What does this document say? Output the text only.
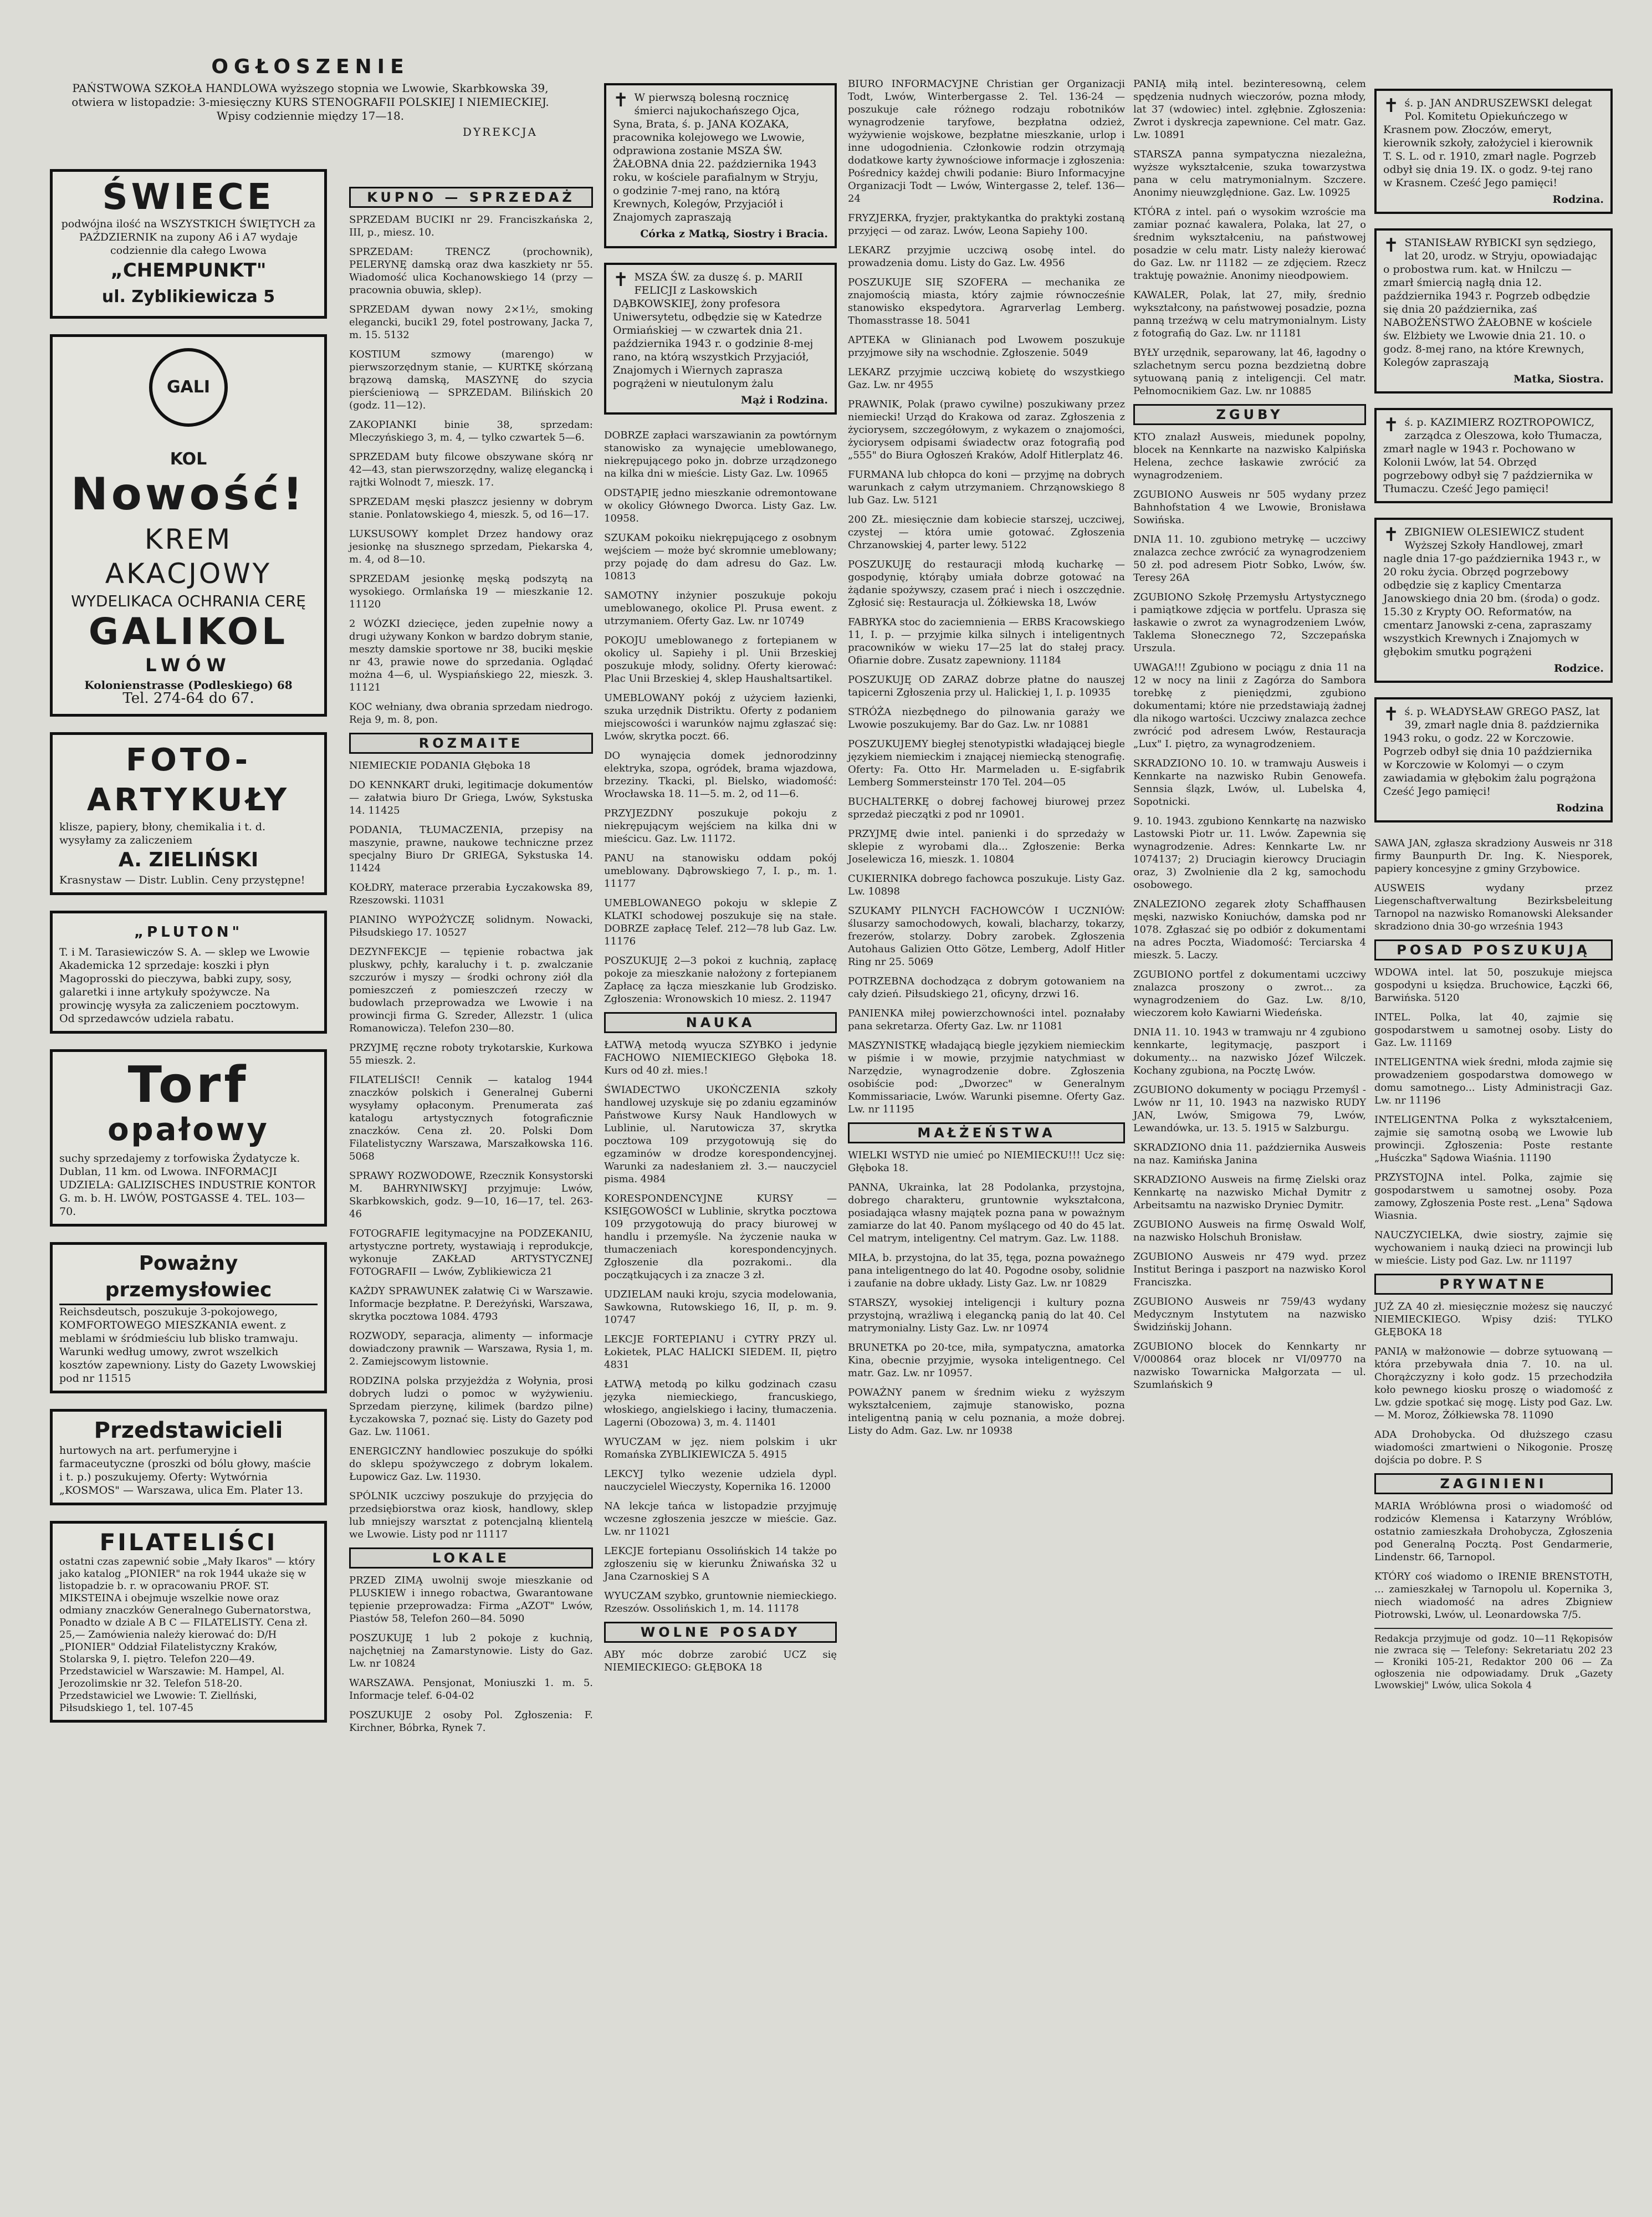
OGŁOSZENIE

PAŃSTWOWA SZKOŁA HANDLOWA wyższego stopnia we Lwowie, Skarbkowska 39, otwiera w listopadzie: 3-miesięczny KURS STENOGRAFII POLSKIEJ I NIEMIECKIEJ. Wpisy codziennie między 17—18.

DYREKCJA
ŚWIECE
podwójna ilość na WSZYSTKICH ŚWIĘTYCH za PAŹDZIERNIK na zupony A6 i A7 wydaje codziennie dla całego Lwowa
„CHEMPUNKT"
ul. Zyblikiewicza 5
GALI KOL
Nowość!
KREM AKACJOWY
WYDELIKACA OCHRANIA CERĘ
GALIKOL
LWÓW
Kolonienstrasse (Podleskiego) 68
Tel. 274-64 do 67.
FOTO-ARTYKUŁY
klisze, papiery, błony, chemikalia i t. d. wysyłamy za zaliczeniem
A. ZIELIŃSKI
Krasnystaw — Distr. Lublin. Ceny przystępne!
„PLUTON"
T. i M. Tarasiewiczów S. A. — sklep we Lwowie Akademicka 12 sprzedaje: koszki i płyn Magoprosski do pieczywa, babki zupy, sosy, galaretki i inne artykuły spożywcze. Na prowincję wysyła za zaliczeniem pocztowym. Od sprzedawców udziela rabatu.
Torf
opałowy
suchy sprzedajemy z torfowiska Żydatycze k. Dublan, 11 km. od Lwowa. INFORMACJI UDZIELA: GALIZISCHES INDUSTRIE KONTOR G. m. b. H. LWÓW, POSTGASSE 4. TEL. 103—70.
Poważny przemysłowiec
Reichsdeutsch, poszukuje 3-pokojowego, KOMFORTOWEGO MIESZKANIA ewent. z meblami w śródmieściu lub blisko tramwaju. Warunki według umowy, zwrot wszelkich kosztów zapewniony. Listy do Gazety Lwowskiej pod nr 11515
Przedstawicieli
hurtowych na art. perfumeryjne i farmaceutyczne (proszki od bólu głowy, maście i t. p.) poszukujemy. Oferty: Wytwórnia „KOSMOS" — Warszawa, ulica Em. Plater 13.
FILATELIŚCI
ostatni czas zapewnić sobie „Mały Ikaros" — który jako katalog „PIONIER" na rok 1944 ukaże się w listopadzie b. r. w opracowaniu PROF. ST. MIKSTEINA i obejmuje wszelkie nowe oraz odmiany znaczków Generalnego Gubernatorstwa, Ponadto w dziale A B C — FILATELISTY. Cena zł. 25,— Zamówienia należy kierować do: D/H „PIONIER" Oddział Filatelistyczny Kraków, Stolarska 9, I. piętro. Telefon 220—49. Przedstawiciel w Warszawie: M. Hampel, Al. Jerozolimskie nr 32. Telefon 518-20. Przedstawiciel we Lwowie: T. Ziellński, Piłsudskiego 1, tel. 107-45
KUPNO — SPRZEDAŻ

SPRZEDAM BUCIKI nr 29. Franciszkańska 2, III, p., miesz. 10.

SPRZEDAM: TRENCZ (prochownik), PELERYNĘ damską oraz dwa kaszkiety nr 55. Wiadomość ulica Kochanowskiego 14 (przy — pracownia obuwia, sklep).

SPRZEDAM dywan nowy 2×1½, smoking elegancki, bucik1 29, fotel postrowany, Jacka 7, m. 15. 5132

KOSTIUM szmowy (marengo) w pierwszorzędnym stanie, — KURTKĘ skórzaną brązową damską, MASZYNĘ do szycia pierścieniową — SPRZEDAM. Bilińskich 20 (godz. 11—12).

ZAKOPIANKI binie 38, sprzedam: Mleczyńskiego 3, m. 4, — tylko czwartek 5—6.

SPRZEDAM buty filcowe obszywane skórą nr 42—43, stan pierwszorzędny, walizę elegancką i rajtki Wolnodt 7, mieszk. 17.

SPRZEDAM męski płaszcz jesienny w dobrym stanie. Ponlatowskiego 4, mieszk. 5, od 16—17.

LUKSUSOWY komplet Drzez handowy oraz jesionkę na słusznego sprzedam, Piekarska 4, m. 4, od 8—10.

SPRZEDAM jesionkę męską podszytą na wysokiego. Ormlańska 19 — mieszkanie 12. 11120

2 WÓZKI dziecięce, jeden zupełnie nowy a drugi używany Konkon w bardzo dobrym stanie, meszty damskie sportowe nr 38, buciki męskie nr 43, prawie nowe do sprzedania. Oglądać można 4—6, ul. Wyspiańskiego 22, mieszk. 3. 11121

KOC wełniany, dwa obrania sprzedam niedrogo. Reja 9, m. 8, pon.

ROZMAITE

NIEMIECKIE PODANIA Głęboka 18

DO KENNKART druki, legitimacje dokumentów — załatwia biuro Dr Griega, Lwów, Sykstuska 14. 11425

PODANIA, TŁUMACZENIA, przepisy na maszynie, prawne, naukowe techniczne przez specjalny Biuro Dr GRIEGA, Sykstuska 14. 11424

KOŁDRY, materace przerabia Łyczakowska 89, Rzeszowski. 11031

PIANINO WYPOŻYCZĘ solidnym. Nowacki, Piłsudskiego 17. 10527

DEZYNFEKCJE — tępienie robactwa jak pluskwy, pchły, karaluchy i t. p. zwalczanie szczurów i myszy — środki ochrony ziół dla pomieszczeń z pomieszczeń rzeczy w budowlach przeprowadza we Lwowie i na prowincji firma G. Szreder, Allezstr. 1 (ulica Romanowicza). Telefon 230—80.

PRZYJMĘ ręczne roboty trykotarskie, Kurkowa 55 mieszk. 2.

FILATELIŚCI! Cennik — katalog 1944 znaczków polskich i Generalnej Guberni wysyłamy opłaconym. Prenumerata zaś katalogu artystycznych fotograficznie znaczków. Cena zł. 20. Polski Dom Filatelistyczny Warszawa, Marszałkowska 116. 5068

SPRAWY ROZWODOWE, Rzecznik Konsystorski M. BAHRYNIWSKYJ przyjmuje: Lwów, Skarbkowskich, godz. 9—10, 16—17, tel. 263-46

FOTOGRAFIE legitymacyjne na PODZEKANIU, artystyczne portrety, wystawiają i reprodukcje, wykonuje ZAKŁAD ARTYSTYCZNEJ FOTOGRAFII — Lwów, Zyblikiewicza 21

KAŻDY SPRAWUNEK załatwię Ci w Warszawie. Informacje bezpłatne. P. Dereżyński, Warszawa, skrytka pocztowa 1084. 4793

ROZWODY, separacja, alimenty — informacje dowiadczony prawnik — Warszawa, Rysia 1, m. 2. Zamiejscowym listownie.

RODZINA polska przyjeżdża z Wołynia, prosi dobrych ludzi o pomoc w wyżywieniu. Sprzedam pierzynę, kilimek (bardzo pilne) Łyczakowska 7, poznać się. Listy do Gazety pod Gaz. Lw. 11061.

ENERGICZNY handlowiec poszukuje do spółki do sklepu spożywczego z dobrym lokalem. Łupowicz Gaz. Lw. 11930.

SPÓLNIK uczciwy poszukuje do przyjęcia do przedsiębiorstwa oraz kiosk, handlowy, sklep lub mniejszy warsztat z potencjalną klientelą we Lwowie. Listy pod nr 11117

LOKALE

PRZED ZIMĄ uwolnij swoje mieszkanie od PLUSKIEW i innego robactwa, Gwarantowane tępienie przeprowadza: Firma „AZOT" Lwów, Piastów 58, Telefon 260—84. 5090

POSZUKUJĘ 1 lub 2 pokoje z kuchnią, najchętniej na Zamarstynowie. Listy do Gaz. Lw. nr 10824

WARSZAWA. Pensjonat, Moniuszki 1. m. 5. Informacje telef. 6-04-02

POSZUKUJE 2 osoby Pol. Zgłoszenia: F. Kirchner, Bóbrka, Rynek 7.

✝ W pierwszą bolesną rocznicę śmierci najukochańszego Ojca, Syna, Brata, ś. p. JANA KOZAKA, pracownika kolejowego we Lwowie, odprawiona zostanie MSZA ŚW. ŻAŁOBNA dnia 22. października 1943 roku, w kościele parafialnym w Stryju, o godzinie 7-mej rano, na którą Krewnych, Kolegów, Przyjaciół i Znajomych zapraszają
Córka z Matką, Siostry i Bracia.
✝ MSZA ŚW. za duszę ś. p. MARII FELICJI z Laskowskich DĄBKOWSKIEJ, żony profesora Uniwersytetu, odbędzie się w Katedrze Ormiańskiej — w czwartek dnia 21. października 1943 r. o godzinie 8-mej rano, na którą wszystkich Przyjaciół, Znajomych i Wiernych zaprasza pogrążeni w nieutulonym żalu
Mąż i Rodzina.

DOBRZE zapłaci warszawianin za powtórnym stanowisko za wynajęcie umeblowanego, niekrępującego poko jn. dobrze urządzonego na kilka dni w mieście. Listy Gaz. Lw. 10965

ODSTĄPIĘ jedno mieszkanie odremontowane w okolicy Głównego Dworca. Listy Gaz. Lw. 10958.

SZUKAM pokoiku niekrępującego z osobnym wejściem — może być skromnie umeblowany; przy pojadę do dam adresu do Gaz. Lw. 10813

SAMOTNY inżynier poszukuje pokoju umeblowanego, okolice Pl. Prusa ewent. z utrzymaniem. Oferty Gaz. Lw. nr 10749

POKOJU umeblowanego z fortepianem w okolicy ul. Sapiehy i pl. Unii Brzeskiej poszukuje młody, solidny. Oferty kierować: Plac Unii Brzeskiej 4, sklep Haushaltsartikel.

UMEBLOWANY pokój z użyciem łazienki, szuka urzędnik Distriktu. Oferty z podaniem miejscowości i warunków najmu zgłaszać się: Lwów, skrytka poczt. 66.

DO wynajęcia domek jednorodzinny elektryka, szopa, ogródek, brama wjazdowa, brzeziny. Tkacki, pl. Bielsko, wiadomość: Wrocławska 18. 11—5. m. 2, od 11—6.

PRZYJEZDNY poszukuje pokoju z niekrępującym wejściem na kilka dni w mieścicu. Gaz. Lw. 11172.

PANU na stanowisku oddam pokój umeblowany. Dąbrowskiego 7, I. p., m. 1. 11177

UMEBLOWANEGO pokoju w sklepie Z KLATKI schodowej poszukuje się na stałe. DOBRZE zapłacę Telef. 212—78 lub Gaz. Lw. 11176

POSZUKUJĘ 2—3 pokoi z kuchnią, zapłacę pokoje za mieszkanie nałożony z fortepianem Zapłacę za łącza mieszkanie lub Grodzisko. Zgłoszenia: Wronowskich 10 miesz. 2. 11947

NAUKA

ŁATWĄ metodą wyucza SZYBKO i jedynie FACHOWO NIEMIECKIEGO Głęboka 18. Kurs od 40 zł. mies.!

ŚWIADECTWO UKOŃCZENIA szkoły handlowej uzyskuje się po zdaniu egzaminów Państwowe Kursy Nauk Handlowych w Lublinie, ul. Narutowicza 37, skrytka pocztowa 109 przygotowują się do egzaminów w drodze korespondencyjnej. Warunki za nadesłaniem zł. 3.— nauczyciel pisma. 4984

KORESPONDENCYJNE KURSY — KSIĘGOWOŚCI w Lublinie, skrytka pocztowa 109 przygotowują do pracy biurowej w handlu i przemyśle. Na życzenie nauka w tłumaczeniach korespondencyjnych. Zgłoszenie dla pozrakomi.. dla początkujących i za znacze 3 zł.

UDZIELAM nauki kroju, szycia modelowania, Sawkowna, Rutowskiego 16, II, p. m. 9. 10747

LEKCJE FORTEPIANU i CYTRY PRZY ul. Łokietek, PLAC HALICKI SIEDEM. II, piętro 4831

ŁATWĄ metodą po kilku godzinach czasu języka niemieckiego, francuskiego, włoskiego, angielskiego i łaciny, tłumaczenia. Lagerni (Obozowa) 3, m. 4. 11401

WYUCZAM w jęz. niem polskim i ukr Romańska ZYBLIKIEWICZA 5. 4915

LEKCYJ tylko wezenie udziela dypl. nauczycielel Wieczysty, Kopernika 16. 12000

NA lekcje tańca w listopadzie przyjmuję wczesne zgłoszenia jeszcze w mieście. Gaz. Lw. nr 11021

LEKCJE fortepianu Ossolińskich 14 także po zgłoszeniu się w kierunku Żniwańska 32 u Jana Czarnoskiej S A

WYUCZAM szybko, gruntownie niemieckiego. Rzeszów. Ossolińskich 1, m. 14. 11178

WOLNE POSADY

ABY móc dobrze zarobić UCZ się NIEMIECKIEGO: GŁĘBOKA 18

BIURO INFORMACYJNE Christian ger Organizacji Todt, Lwów, Winterbergasse 2. Tel. 136-24 — poszukuje całe różnego rodzaju robotników wynagrodzenie taryfowe, bezpłatna odzież, wyżywienie wojskowe, bezpłatne mieszkanie, urlop i inne udogodnienia. Członkowie rodzin otrzymają dodatkowe karty żywnościowe informacje i zgłoszenia: Pośrednicy każdej chwili podanie: Biuro Informacyjne Organizacji Todt — Lwów, Wintergasse 2, telef. 136—24

FRYZJERKA, fryzjer, praktykantka do praktyki zostaną przyjęci — od zaraz. Lwów, Leona Sapiehy 100.

LEKARZ przyjmie uczciwą osobę intel. do prowadzenia domu. Listy do Gaz. Lw. 4956

POSZUKUJE SIĘ SZOFERA — mechanika ze znajomością miasta, który zajmie równocześnie stanowisko ekspedytora. Agrarverlag Lemberg. Thomasstrasse 18. 5041

APTEKA w Glinianach pod Lwowem poszukuje przyjmowe siły na wschodnie. Zgłoszenie. 5049

LEKARZ przyjmie uczciwą kobietę do wszystkiego Gaz. Lw. nr 4955

PRAWNIK, Polak (prawo cywilne) poszukiwany przez niemiecki! Urząd do Krakowa od zaraz. Zgłoszenia z życiorysem, szczegółowym, z wykazem o znajomości, życiorysem odpisami świadectw oraz fotografią pod „555" do Biura Ogłoszeń Kraków, Adolf Hitlerplatz 46.

FURMANA lub chłopca do koni — przyjmę na dobrych warunkach z całym utrzymaniem. Chrząnowskiego 8 lub Gaz. Lw. 5121

200 ZŁ. miesięcznie dam kobiecie starszej, uczciwej, czystej — która umie gotować. Zgłoszenia Chrzanowskiej 4, parter lewy. 5122

POSZUKUJĘ do restauracji młodą kucharkę — gospodynię, którąby umiała dobrze gotować na żądanie spożywszy, czasem prać i niech i oszczędnie. Zgłosić się: Restauracja ul. Żółkiewska 18, Lwów

FABRYKA stoc do zaciemnienia — ERBS Kracowskiego 11, I. p. — przyjmie kilka silnych i inteligentnych pracowników w wieku 17—25 lat do stałej pracy. Ofiarnie dobre. Zusatz zapewniony. 11184

POSZUKUJĘ OD ZARAZ dobrze płatne do nauszej tapicerni Zgłoszenia przy ul. Halickiej 1, I. p. 10935

STRÓŻA niezbędnego do pilnowania garaży we Lwowie poszukujemy. Bar do Gaz. Lw. nr 10881

POSZUKUJEMY biegłej stenotypistki władającej biegle językiem niemieckim i znającej niemiecką stenografię. Oferty: Fa. Otto Hr. Marmeladen u. E-sigfabrik Lemberg Sommersteinstr 170 Tel. 204—05

BUCHALTERKĘ o dobrej fachowej biurowej przez sprzedaż pieczątki z pod nr 10901.

PRZYJMĘ dwie intel. panienki i do sprzedaży w sklepie z wyrobami dla... Zgłoszenie: Berka Joselewicza 16, mieszk. 1. 10804

CUKIERNIKA dobrego fachowca poszukuje. Listy Gaz. Lw. 10898

SZUKAMY PILNYCH FACHOWCÓW I UCZNIÓW: ślusarzy samochodowych, kowali, blacharzy, tokarzy, frezerów, stolarzy. Dobry zarobek. Zgłoszenia Autohaus Galizien Otto Götze, Lemberg, Adolf Hitler Ring nr 25. 5069

POTRZEBNA dochodząca z dobrym gotowaniem na cały dzień. Piłsudskiego 21, oficyny, drzwi 16.

PANIENKA miłej powierzchowności intel. poznałaby pana sekretarza. Oferty Gaz. Lw. nr 11081

MASZYNISTKĘ władającą biegle językiem niemieckim w piśmie i w mowie, przyjmie natychmiast w Narzędzie, wynagrodzenie dobre. Zgłoszenia osobiście pod: „Dworzec" w Generalnym Kommissariacie, Lwów. Warunki pisemne. Oferty Gaz. Lw. nr 11195

MAŁŻEŃSTWA

WIELKI WSTYD nie umieć po NIEMIECKU!!! Ucz się: Głęboka 18.

PANNA, Ukrainka, lat 28 Podolanka, przystojna, dobrego charakteru, gruntownie wykształcona, posiadająca własny majątek pozna pana w poważnym zamiarze do lat 40. Panom myślącego od 40 do 45 lat. Cel matrym, inteligentny. Cel matrym. Gaz. Lw. 1188.

MIŁA, b. przystojna, do lat 35, tęga, pozna poważnego pana inteligentnego do lat 40. Pogodne osoby, solidnie i zaufanie na dobre układy. Listy Gaz. Lw. nr 10829

STARSZY, wysokiej inteligencji i kultury pozna przystojną, wrażliwą i elegancką panią do lat 40. Cel matrymonialny. Listy Gaz. Lw. nr 10974

BRUNETKA po 20-tce, miła, sympatyczna, amatorka Kina, obecnie przyjmie, wysoka inteligentnego. Cel matr. Gaz. Lw. nr 10957.

POWAŻNY panem w średnim wieku z wyższym wykształceniem, zajmuje stanowisko, pozna inteligentną panią w celu poznania, a może dobrej. Listy do Adm. Gaz. Lw. nr 10938

PANIĄ miłą intel. bezinteresowną, celem spędzenia nudnych wieczorów, pozna młody, lat 37 (wdowiec) intel. zgłębnie. Zgłoszenia: Zwrot i dyskrecja zapewnione. Cel matr. Gaz. Lw. 10891

STARSZA panna sympatyczna niezależna, wyższe wykształcenie, szuka towarzystwa pana w celu matrymonialnym. Szczere. Anonimy nieuwzględnione. Gaz. Lw. 10925

KTÓRA z intel. pań o wysokim wzroście ma zamiar poznać kawalera, Polaka, lat 27, o średnim wykształceniu, na państwowej posadzie w celu matr. Listy należy kierować do Gaz. Lw. nr 11182 — ze zdjęciem. Rzecz traktuję poważnie. Anonimy nieodpowiem.

KAWALER, Polak, lat 27, miły, średnio wykształcony, na państwowej posadzie, pozna panną trzeźwą w celu matrymonialnym. Listy z fotografią do Gaz. Lw. nr 11181

BYŁY urzędnik, separowany, lat 46, łagodny o szlachetnym sercu pozna bezdzietną dobre sytuowaną panią z inteligencji. Cel matr. Pełnomocnikiem Gaz. Lw. nr 10885

ZGUBY

KTO znalazł Ausweis, miedunek popolny, blocek na Kennkarte na nazwisko Kalpińska Helena, zechce łaskawie zwrócić za wynagrodzeniem.

ZGUBIONO Ausweis nr 505 wydany przez Bahnhofstation 4 we Lwowie, Bronisława Sowińska.

DNIA 11. 10. zgubiono metrykę — uczciwy znalazca zechce zwrócić za wynagrodzeniem 50 zł. pod adresem Piotr Sobko, Lwów, św. Teresy 26A

ZGUBIONO Szkołę Przemysłu Artystycznego i pamiątkowe zdjęcia w portfelu. Uprasza się łaskawie o zwrot za wynagrodzeniem Lwów, Taklema Słonecznego 72, Szczepańska Urszula.

UWAGA!!! Zgubiono w pociągu z dnia 11 na 12 w nocy na linii z Zagórza do Sambora torebkę z pieniędzmi, zgubiono dokumentami; które nie przedstawiają żadnej dla nikogo wartości. Uczciwy znalazca zechce zwrócić pod adresem Lwów, Restauracja „Lux" I. piętro, za wynagrodzeniem.

SKRADZIONO 10. 10. w tramwaju Ausweis i Kennkarte na nazwisko Rubin Genowefa. Sennsia ślązk, Lwów, ul. Lubelska 4, Sopotnicki.

9. 10. 1943. zgubiono Kennkartę na nazwisko Lastowski Piotr ur. 11. Lwów. Zapewnia się wynagrodzenie. Adres: Kennkarte Lw. nr 1074137; 2) Druciagin kierowcy Druciagin oraz, 3) Zwolnienie dla 2 kg, samochodu osobowego.

ZNALEZIONO zegarek złoty Schaffhausen męski, nazwisko Koniuchów, damska pod nr 1078. Zgłaszać się po odbiór z dokumentami na adres Poczta, Wiadomość: Terciarska 4 mieszk. 5. Laczy.

ZGUBIONO portfel z dokumentami uczciwy znalazca proszony o zwrot... za wynagrodzeniem do Gaz. Lw. 8/10, wieczorem koło Kawiarni Wiedeńska.

DNIA 11. 10. 1943 w tramwaju nr 4 zgubiono kennkarte, legitymację, paszport i dokumenty... na nazwisko Józef Wilczek. Kochany zgubiona, na Pocztę Lwów.

ZGUBIONO dokumenty w pociągu Przemyśl - Lwów nr 11, 10. 1943 na nazwisko RUDY JAN, Lwów, Smigowa 79, Lwów, Lewandówka, ur. 13. 5. 1915 w Salzburgu.

SKRADZIONO dnia 11. października Ausweis na naz. Kamińska Janina

SKRADZIONO Ausweis na firmę Zielski oraz Kennkartę na nazwisko Michał Dymitr z Arbeitsamtu na nazwisko Dryniec Dymitr.

ZGUBIONO Ausweis na firmę Oswald Wolf, na nazwisko Holschuh Bronisław.

ZGUBIONO Ausweis nr 479 wyd. przez Institut Beringa i paszport na nazwisko Korol Franciszka.

ZGUBIONO Ausweis nr 759/43 wydany Medycznym Instytutem na nazwisko Świdzińskij Johann.

ZGUBIONO blocek do Kennkarty nr V/000864 oraz blocek nr VI/09770 na nazwisko Towarnicka Małgorzata — ul. Szumlańskich 9

✝ ś. p. JAN ANDRUSZEWSKI delegat Pol. Komitetu Opiekuńczego w Krasnem pow. Złoczów, emeryt, kierownik szkoły, założyciel i kierownik T. S. L. od r. 1910, zmarł nagle. Pogrzeb odbył się dnia 19. IX. o godz. 9-tej rano w Krasnem. Cześć Jego pamięci!
Rodzina.
✝ STANISŁAW RYBICKI syn sędziego, lat 20, urodz. w Stryju, opowiadając o probostwa rum. kat. w Hnilczu — zmarł śmiercią nagłą dnia 12. października 1943 r. Pogrzeb odbędzie się dnia 20 października, zaś NABOŻEŃSTWO ŻAŁOBNE w kościele św. Elżbiety we Lwowie dnia 21. 10. o godz. 8-mej rano, na które Krewnych, Kolegów zapraszają
Matka, Siostra.
✝ ś. p. KAZIMIERZ ROZTROPOWICZ, zarządca z Oleszowa, koło Tłumacza, zmarł nagle w 1943 r. Pochowano w Kolonii Lwów, lat 54. Obrzęd pogrzebowy odbył się 7 października w Tłumaczu. Cześć Jego pamięci!
✝ ZBIGNIEW OLESIEWICZ student Wyższej Szkoły Handlowej, zmarł nagle dnia 17-go października 1943 r., w 20 roku życia. Obrzęd pogrzebowy odbędzie się z kaplicy Cmentarza Janowskiego dnia 20 bm. (środa) o godz. 15.30 z Krypty OO. Reformatów, na cmentarz Janowski z-cena, zapraszamy wszystkich Krewnych i Znajomych w głębokim smutku pogrążeni
Rodzice.
✝ ś. p. WŁADYSŁAW GREGO PASZ, lat 39, zmarł nagle dnia 8. października 1943 roku, o godz. 22 w Korczowie. Pogrzeb odbył się dnia 10 października w Korczowie w Kolomyi — o czym zawiadamia w głębokim żalu pogrążona Cześć Jego pamięci!
Rodzina

SAWA JAN, zgłasza skradziony Ausweis nr 318 firmy Baunpurth Dr. Ing. K. Niesporek, papiery koncesyjne z gminy Grzybowice.

AUSWEIS wydany przez Liegenschaftverwaltung Bezirksbeleitung Tarnopol na nazwisko Romanowski Aleksander skradziono dnia 30-go września 1943

POSAD POSZUKUJĄ

WDOWA intel. lat 50, poszukuje miejsca gospodyni u księdza. Bruchowice, Łączki 66, Barwińska. 5120

INTEL. Polka, lat 40, zajmie się gospodarstwem u samotnej osoby. Listy do Gaz. Lw. 11169

INTELIGENTNA wiek średni, młoda zajmie się prowadzeniem gospodarstwa domowego w domu samotnego... Listy Administracji Gaz. Lw. nr 11196

INTELIGENTNA Polka z wykształceniem, zajmie się samotną osobą we Lwowie lub prowincji. Zgłoszenia: Poste restante „Huśczka" Sądowa Wiaśnia. 11190

PRZYSTOJNA intel. Polka, zajmie się gospodarstwem u samotnej osoby. Poza zamowy, Zgłoszenia Poste rest. „Lena" Sądowa Wiasnia.

NAUCZYCIELKA, dwie siostry, zajmie się wychowaniem i nauką dzieci na prowincji lub w mieście. Listy pod Gaz. Lw. nr 11197

PRYWATNE

JUŻ ZA 40 zł. miesięcznie możesz się nauczyć NIEMIECKIEGO. Wpisy dziś: TYLKO GŁĘBOKA 18

PANIĄ w małżonowie — dobrze sytuowaną — która przebywała dnia 7. 10. na ul. Chorążczyzny i koło godz. 15 przechodziła koło pewnego kiosku proszę o wiadomość z Lw. gdzie spotkać się mogę. Listy pod Gaz. Lw. — M. Moroz, Żółkiewska 78. 11090

ADA Drohobycka. Od dłuższego czasu wiadomości zmartwieni o Nikogonie. Proszę dojścia po dobre. P. S

ZAGINIENI

MARIA Wróblówna prosi o wiadomość od rodziców Klemensa i Katarzyny Wróblów, ostatnio zamieszkała Drohobycza, Zgłoszenia pod Generalną Pocztą. Post Gendarmerie, Lindenstr. 66, Tarnopol.

KTÓRY coś wiadomo o IRENIE BRENSTOTH, ... zamieszkałej w Tarnopolu ul. Kopernika 3, niech wiadomość na adres Zbigniew Piotrowski, Lwów, ul. Leonardowska 7/5.

Redakcja przyjmuje od godz. 10—11 Rękopisów nie zwraca się — Telefony: Sekretariatu 202 23 — Kroniki 105-21, Redaktor 200 06 — Za ogłoszenia nie odpowiadamy. Druk „Gazety Lwowskiej" Lwów, ulica Sokola 4
